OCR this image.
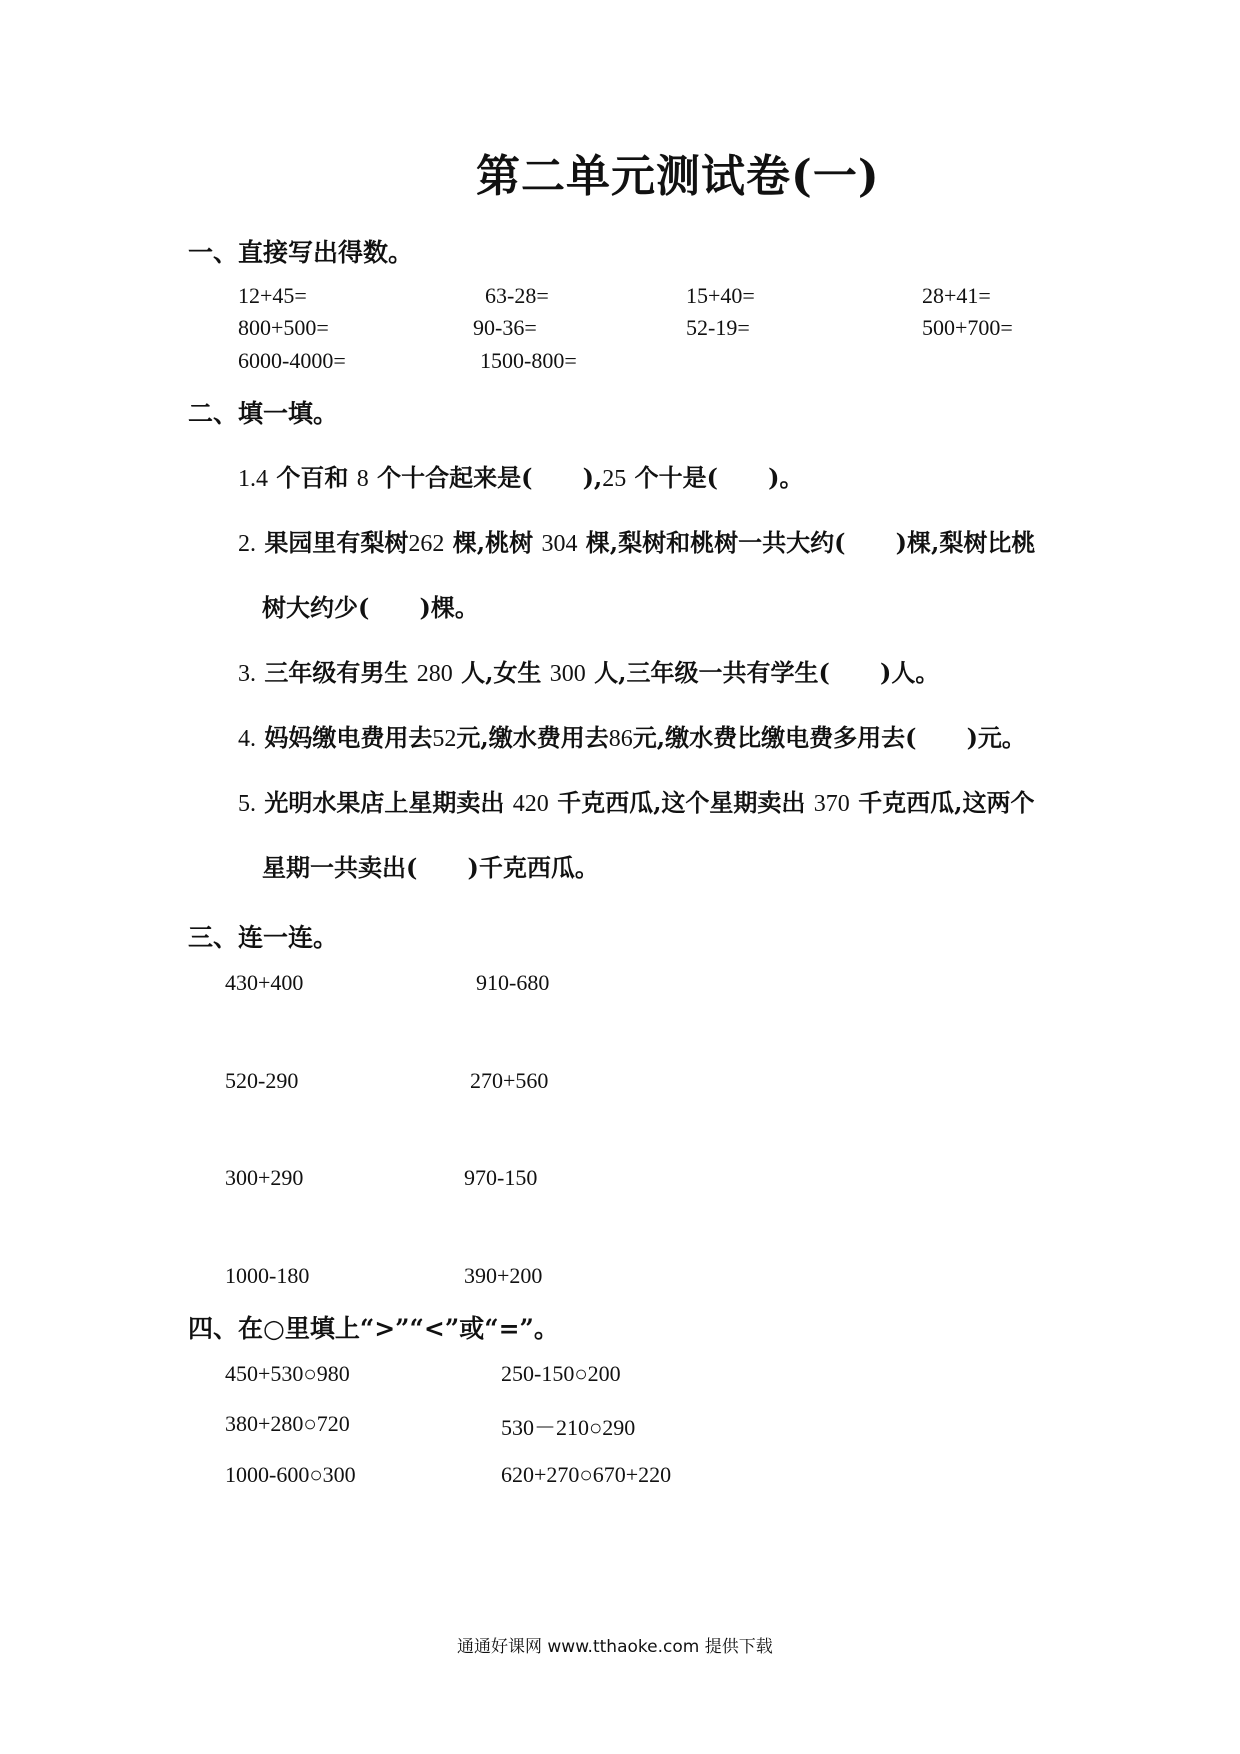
第二单元测试卷(一)
一、直接写出得数。
12+45=	63-28=	15+40=	28+41=
800+500=	90-36=	52-19=	500+700=
6000-4000=	1500-800=
二、填一填。
1.4 个百和 8 个十合起来是( ),25 个十是( )。
2. 果园里有梨树262 棵,桃树 304 棵,梨树和桃树一共大约( )棵,梨树比桃
树大约少( )棵。
3. 三年级有男生 280 人,女生 300 人,三年级一共有学生( )人。
4. 妈妈缴电费用去52元,缴水费用去86元,缴水费比缴电费多用去( )元。
5. 光明水果店上星期卖出 420 千克西瓜,这个星期卖出 370 千克西瓜,这两个
星期一共卖出( )千克西瓜。
三、连一连。
430+400
520-290
300+290
1000-180
910-680
270+560
970-150
390+200
四、在○里填上“>”“<”或“=”。
450+530○980	250-150○200
380+280○720	530－210○290
1000-600○300	620+270○670+220
通通好课网 www.tthaoke.com 提供下载
